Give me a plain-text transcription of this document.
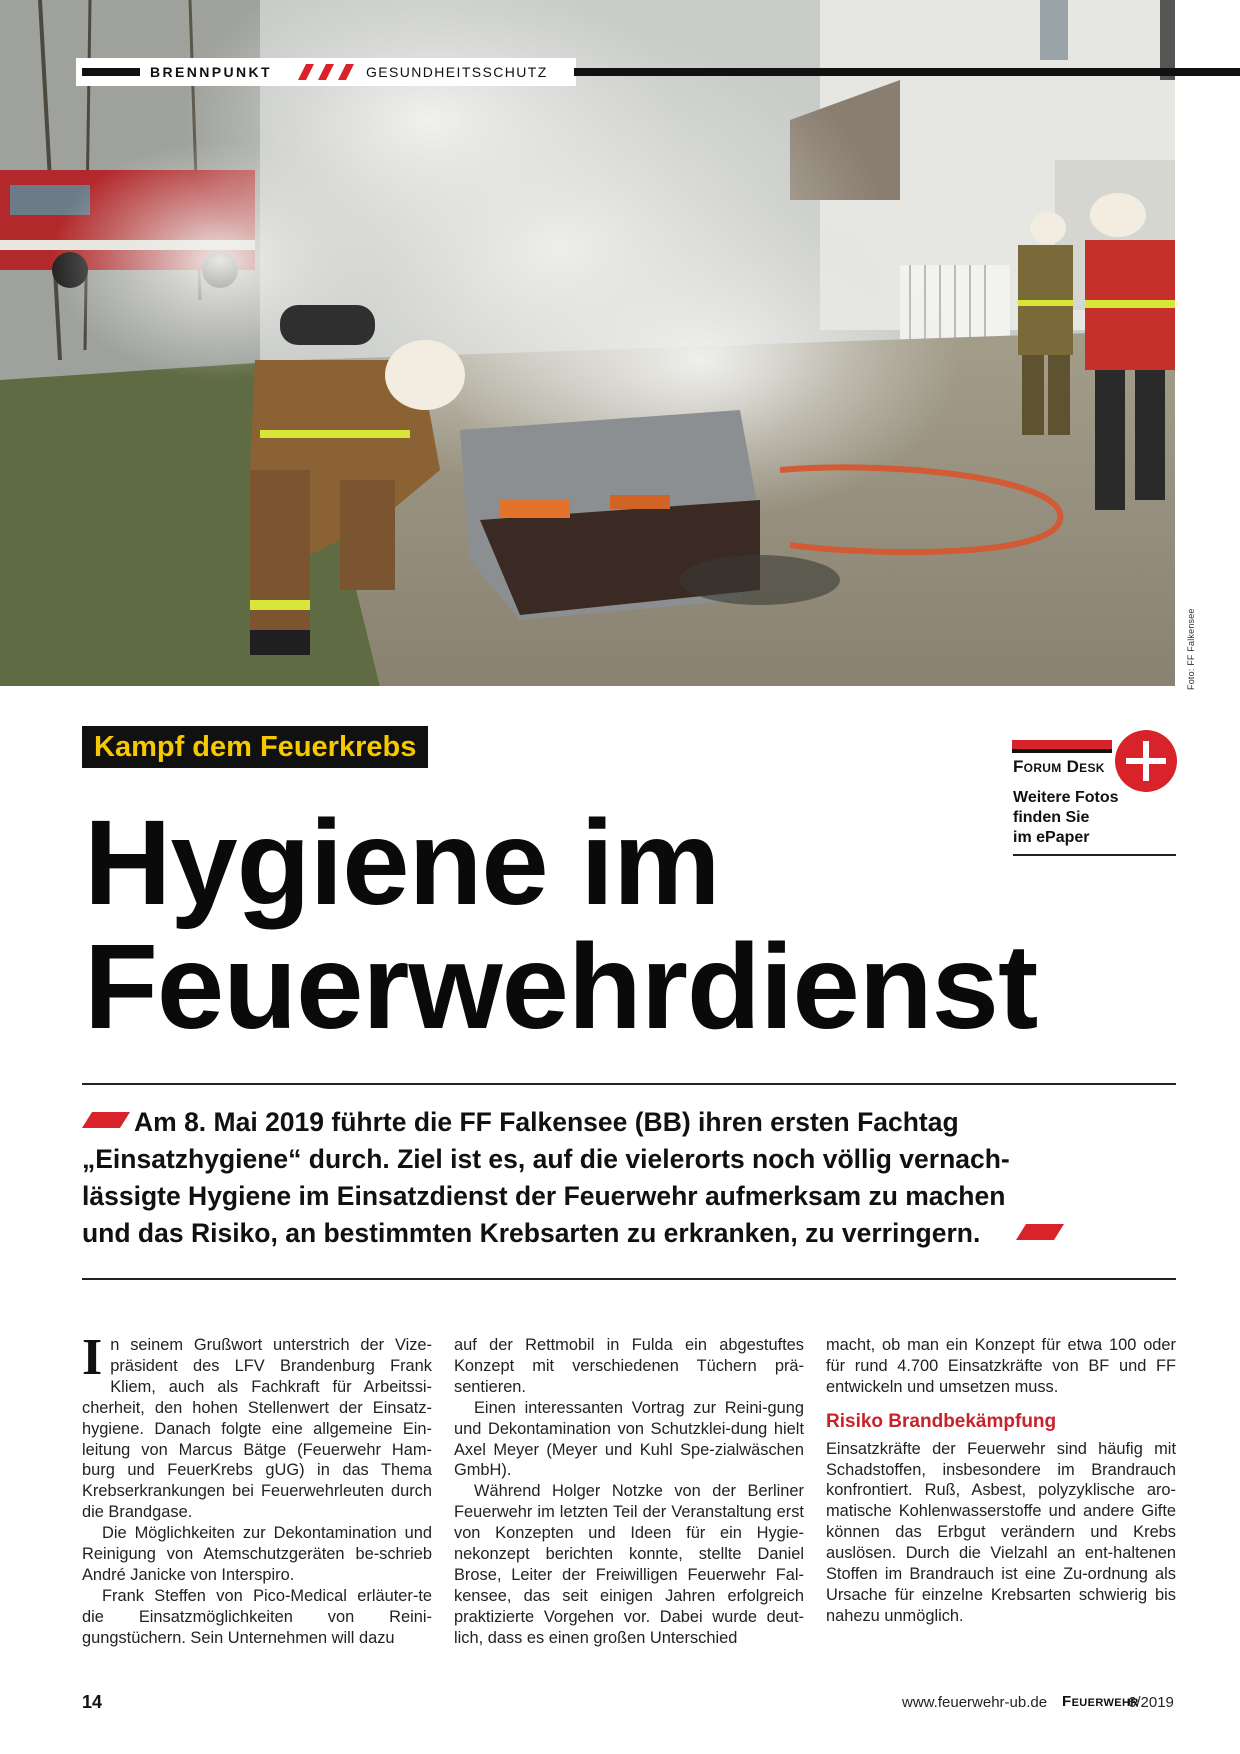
Foto: FF Falkensee
BRENNPUNKT	GESUNDHEITSSCHUTZ
Kampf dem Feuerkrebs
Hygiene im
Feuerwehrdienst
Forum Desk
Weitere Fotos
finden Sie
im ePaper
Am 8. Mai 2019 führte die FF Falkensee (BB) ihren ersten Fachtag
„Einsatzhygiene“ durch. Ziel ist es, auf die vielerorts noch völlig vernach-
lässigte Hygiene im Einsatzdienst der Feuerwehr aufmerksam zu machen
und das Risiko, an bestimmten Krebsarten zu erkranken, zu verringern.

In seinem Grußwort unterstrich der Vize-präsident des LFV Brandenburg Frank Kliem, auch als Fachkraft für Arbeitssi-cherheit, den hohen Stellenwert der Einsatz-hygiene. Danach folgte eine allgemeine Ein-leitung von Marcus Bätge (Feuerwehr Ham-burg und FeuerKrebs gUG) in das Thema Krebserkrankungen bei Feuerwehrleuten durch die Brandgase.

Die Möglichkeiten zur Dekontamination und Reinigung von Atemschutzgeräten be-schrieb André Janicke von Interspiro.

Frank Steffen von Pico-Medical erläuter-te die Einsatzmöglichkeiten von Reini-gungstüchern. Sein Unternehmen will dazu

auf der Rettmobil in Fulda ein abgestuftes Konzept mit verschiedenen Tüchern prä-sentieren.

Einen interessanten Vortrag zur Reini-gung und Dekontamination von Schutzklei-dung hielt Axel Meyer (Meyer und Kuhl Spe-zialwäschen GmbH).

Während Holger Notzke von der Berliner Feuerwehr im letzten Teil der Veranstaltung erst von Konzepten und Ideen für ein Hygie-nekonzept berichten konnte, stellte Daniel Brose, Leiter der Freiwilligen Feuerwehr Fal-kensee, das seit einigen Jahren erfolgreich praktizierte Vorgehen vor. Dabei wurde deut-lich, dass es einen großen Unterschied

macht, ob man ein Konzept für etwa 100 oder für rund 4.700 Einsatzkräfte von BF und FF entwickeln und umsetzen muss.

Risiko Brandbekämpfung

Einsatzkräfte der Feuerwehr sind häufig mit Schadstoffen, insbesondere im Brandrauch konfrontiert. Ruß, Asbest, polyzyklische aro-matische Kohlenwasserstoffe und andere Gifte können das Erbgut verändern und Krebs auslösen. Durch die Vielzahl an ent-haltenen Stoffen im Brandrauch ist eine Zu-ordnung als Ursache für einzelne Krebsarten schwierig bis nahezu unmöglich.

14	www.feuerwehr-ub.de Feuerwehr
6/2019
